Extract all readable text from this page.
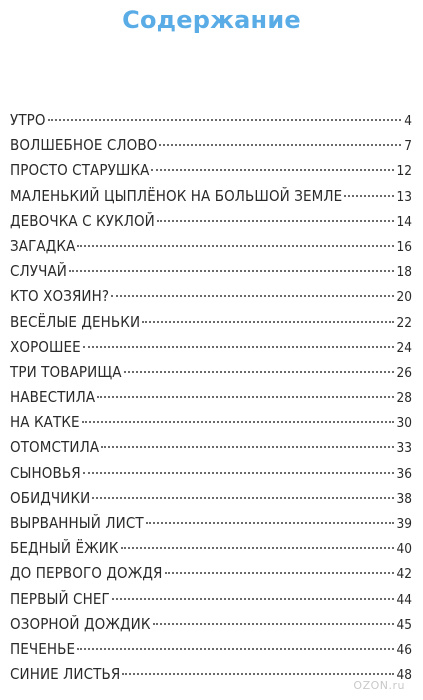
Содержание
УТРО	4
ВОЛШЕБНОЕ СЛОВО	7
ПРОСТО СТАРУШКА	12
МАЛЕНЬКИЙ ЦЫПЛЁНОК НА БОЛЬШОЙ ЗЕМЛЕ	13
ДЕВОЧКА С КУКЛОЙ	14
ЗАГАДКА	16
СЛУЧАЙ	18
КТО ХОЗЯИН?	20
ВЕСЁЛЫЕ ДЕНЬКИ	22
ХОРОШЕЕ	24
ТРИ ТОВАРИЩА	26
НАВЕСТИЛА	28
НА КАТКЕ	30
ОТОМСТИЛА	33
СЫНОВЬЯ	36
ОБИДЧИКИ	38
ВЫРВАННЫЙ ЛИСТ	39
БЕДНЫЙ ЁЖИК	40
ДО ПЕРВОГО ДОЖДЯ	42
ПЕРВЫЙ СНЕГ	44
ОЗОРНОЙ ДОЖДИК	45
ПЕЧЕНЬЕ	46
СИНИЕ ЛИСТЬЯ	48
OZON.ru
